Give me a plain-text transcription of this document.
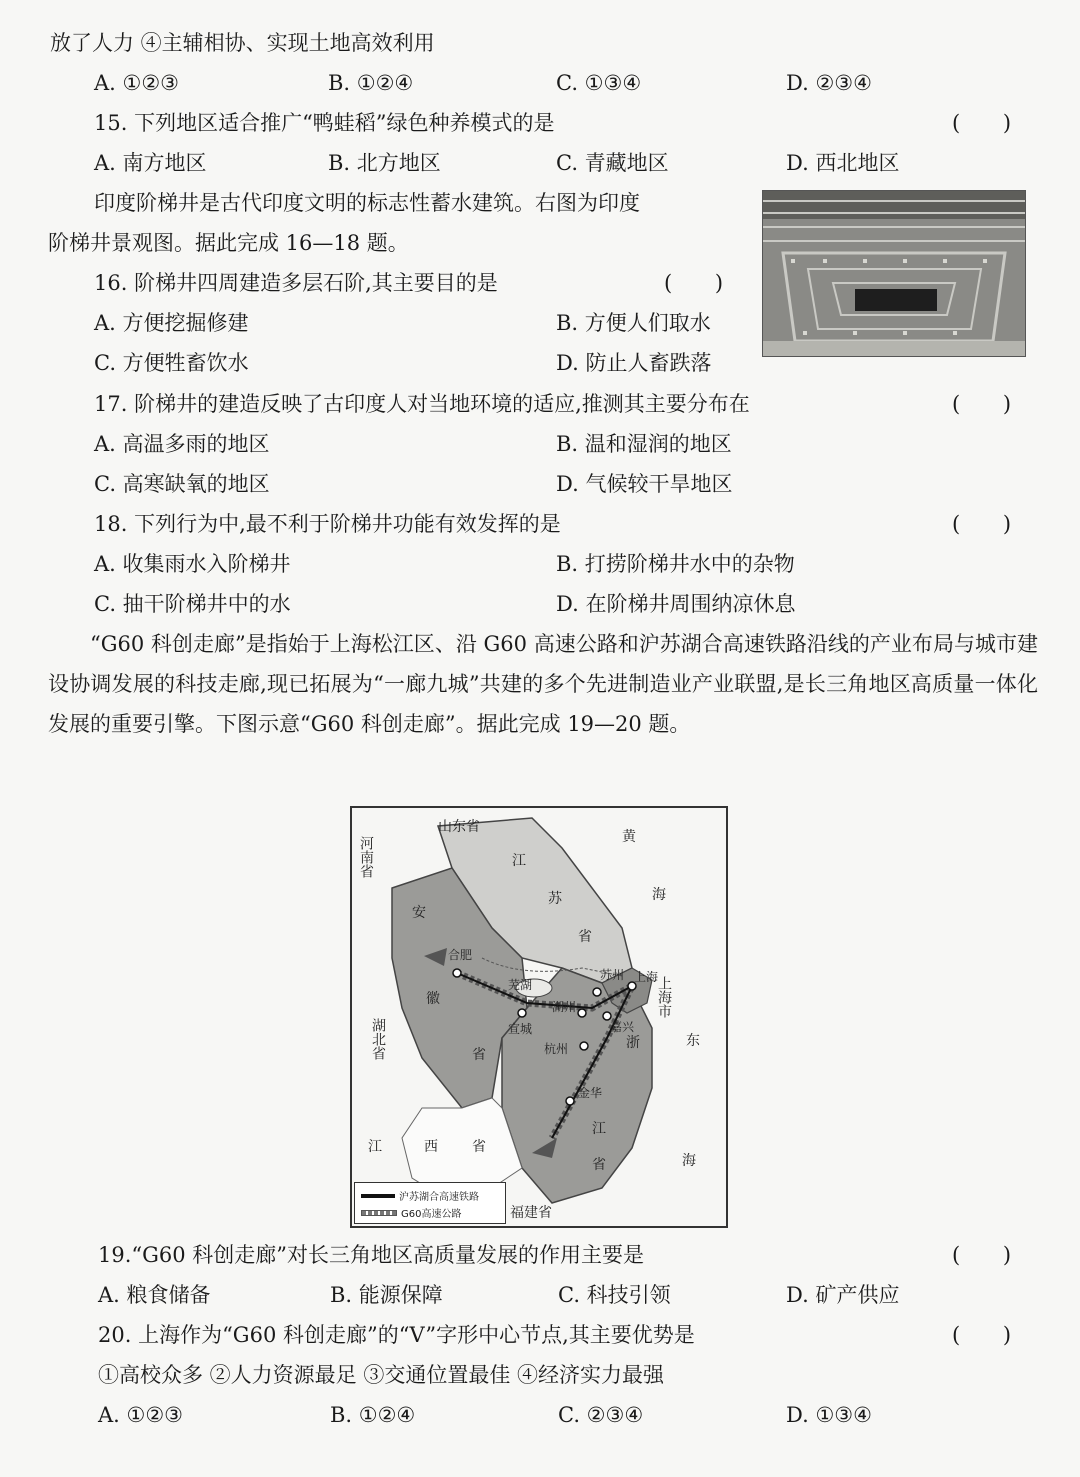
放了人力 ④主辅相协、实现土地高效利用
A. ①②③	B. ①②④	C. ①③④	D. ②③④
15. 下列地区适合推广“鸭蛙稻”绿色种养模式的是	( )
A. 南方地区	B. 北方地区	C. 青藏地区	D. 西北地区
印度阶梯井是古代印度文明的标志性蓄水建筑。右图为印度
阶梯井景观图。据此完成 16—18 题。
16. 阶梯井四周建造多层石阶,其主要目的是	( )
A. 方便挖掘修建	B. 方便人们取水
C. 方便牲畜饮水	D. 防止人畜跌落
17. 阶梯井的建造反映了古印度人对当地环境的适应,推测其主要分布在	( )
A. 高温多雨的地区	B. 温和湿润的地区
C. 高寒缺氧的地区	D. 气候较干旱地区
18. 下列行为中,最不利于阶梯井功能有效发挥的是	( )
A. 收集雨水入阶梯井	B. 打捞阶梯井水中的杂物
C. 抽干阶梯井中的水	D. 在阶梯井周围纳凉休息
“G60 科创走廊”是指始于上海松江区、沿 G60 高速公路和沪苏湖合高速铁路沿线的产业布局与城市建设协调发展的科技走廊,现已拓展为“一廊九城”共建的多个先进制造业产业联盟,是长三角地区高质量一体化发展的重要引擎。下图示意“G60 科创走廊”。据此完成 19—20 题。
山东省
河南省	江
苏
省
安
徽
省
湖北省
江	西 省
浙
江
省
上海市
福建省
黄
海
东
海
合肥
芜湖
宣城
湖州
苏州
嘉兴
杭州
金华
上海
沪苏湖合高速铁路
G60高速公路
19.“G60 科创走廊”对长三角地区高质量发展的作用主要是	( )
A. 粮食储备	B. 能源保障	C. 科技引领	D. 矿产供应
20. 上海作为“G60 科创走廊”的“V”字形中心节点,其主要优势是	( )
①高校众多 ②人力资源最足 ③交通位置最佳 ④经济实力最强
A. ①②③	B. ①②④	C. ②③④	D. ①③④
